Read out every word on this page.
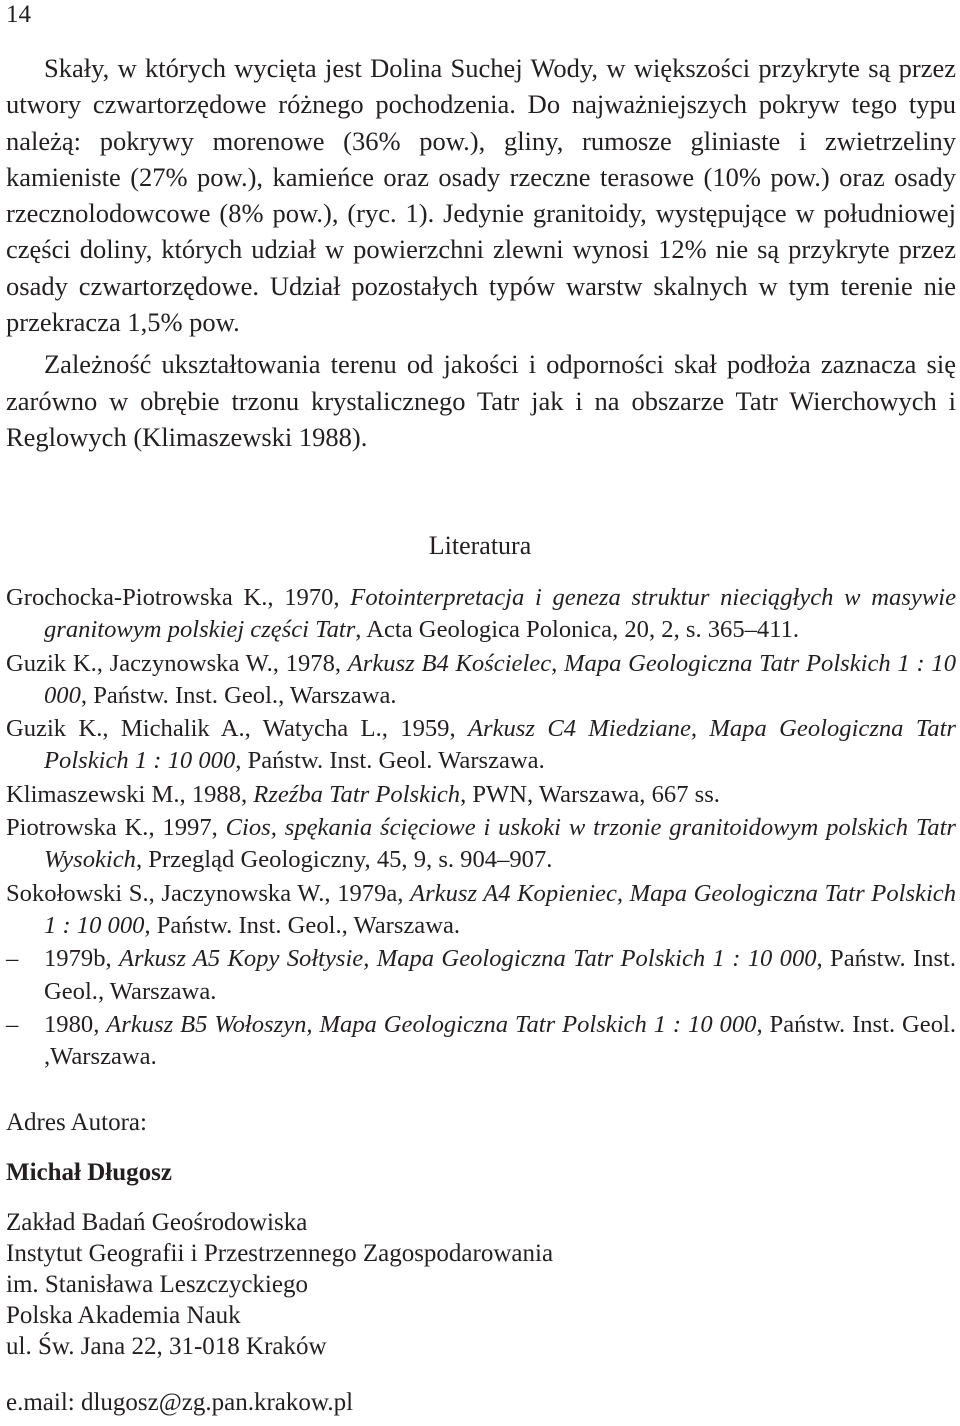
14

Skały, w których wycięta jest Dolina Suchej Wody, w większości przykryte są przez utwory czwartorzędowe różnego pochodzenia. Do najważniejszych pokryw tego typu należą: pokrywy morenowe (36% pow.), gliny, rumosze gliniaste i zwietrzeliny kamieniste (27% pow.), kamieńce oraz osady rzeczne terasowe (10% pow.) oraz osady rzecznolodowcowe (8% pow.), (ryc. 1). Jedynie granitoidy, występujące w południowej części doliny, których udział w powierzchni zlewni wynosi 12% nie są przykryte przez osady czwartorzędowe. Udział pozostałych typów warstw skalnych w tym terenie nie przekracza 1,5% pow.

Zależność ukształtowania terenu od jakości i odporności skał podłoża zaznacza się zarówno w obrębie trzonu krystalicznego Tatr jak i na obszarze Tatr Wierchowych i Reglowych (Klimaszewski 1988).

Literatura
Grochocka-Piotrowska K., 1970, Fotointerpretacja i geneza struktur nieciągłych w masywie granitowym polskiej części Tatr, Acta Geologica Polonica, 20, 2, s. 365–411.
Guzik K., Jaczynowska W., 1978, Arkusz B4 Kościelec, Mapa Geologiczna Tatr Polskich 1 : 10 000, Państw. Inst. Geol., Warszawa.
Guzik K., Michalik A., Watycha L., 1959, Arkusz C4 Miedziane, Mapa Geologiczna Tatr Polskich 1 : 10 000, Państw. Inst. Geol. Warszawa.
Klimaszewski M., 1988, Rzeźba Tatr Polskich, PWN, Warszawa, 667 ss.
Piotrowska K., 1997, Cios, spękania ścięciowe i uskoki w trzonie granitoidowym polskich Tatr Wysokich, Przegląd Geologiczny, 45, 9, s. 904–907.
Sokołowski S., Jaczynowska W., 1979a, Arkusz A4 Kopieniec, Mapa Geologiczna Tatr Polskich 1 : 10 000, Państw. Inst. Geol., Warszawa.
– 1979b, Arkusz A5 Kopy Sołtysie, Mapa Geologiczna Tatr Polskich 1 : 10 000, Państw. Inst. Geol., Warszawa.
– 1980, Arkusz B5 Wołoszyn, Mapa Geologiczna Tatr Polskich 1 : 10 000, Państw. Inst. Geol. ,Warszawa.
Adres Autora:
Michał Długosz
Zakład Badań Geośrodowiska
Instytut Geografii i Przestrzennego Zagospodarowania
im. Stanisława Leszczyckiego
Polska Akademia Nauk
ul. Św. Jana 22, 31-018 Kraków
e.mail: dlugosz@zg.pan.krakow.pl
